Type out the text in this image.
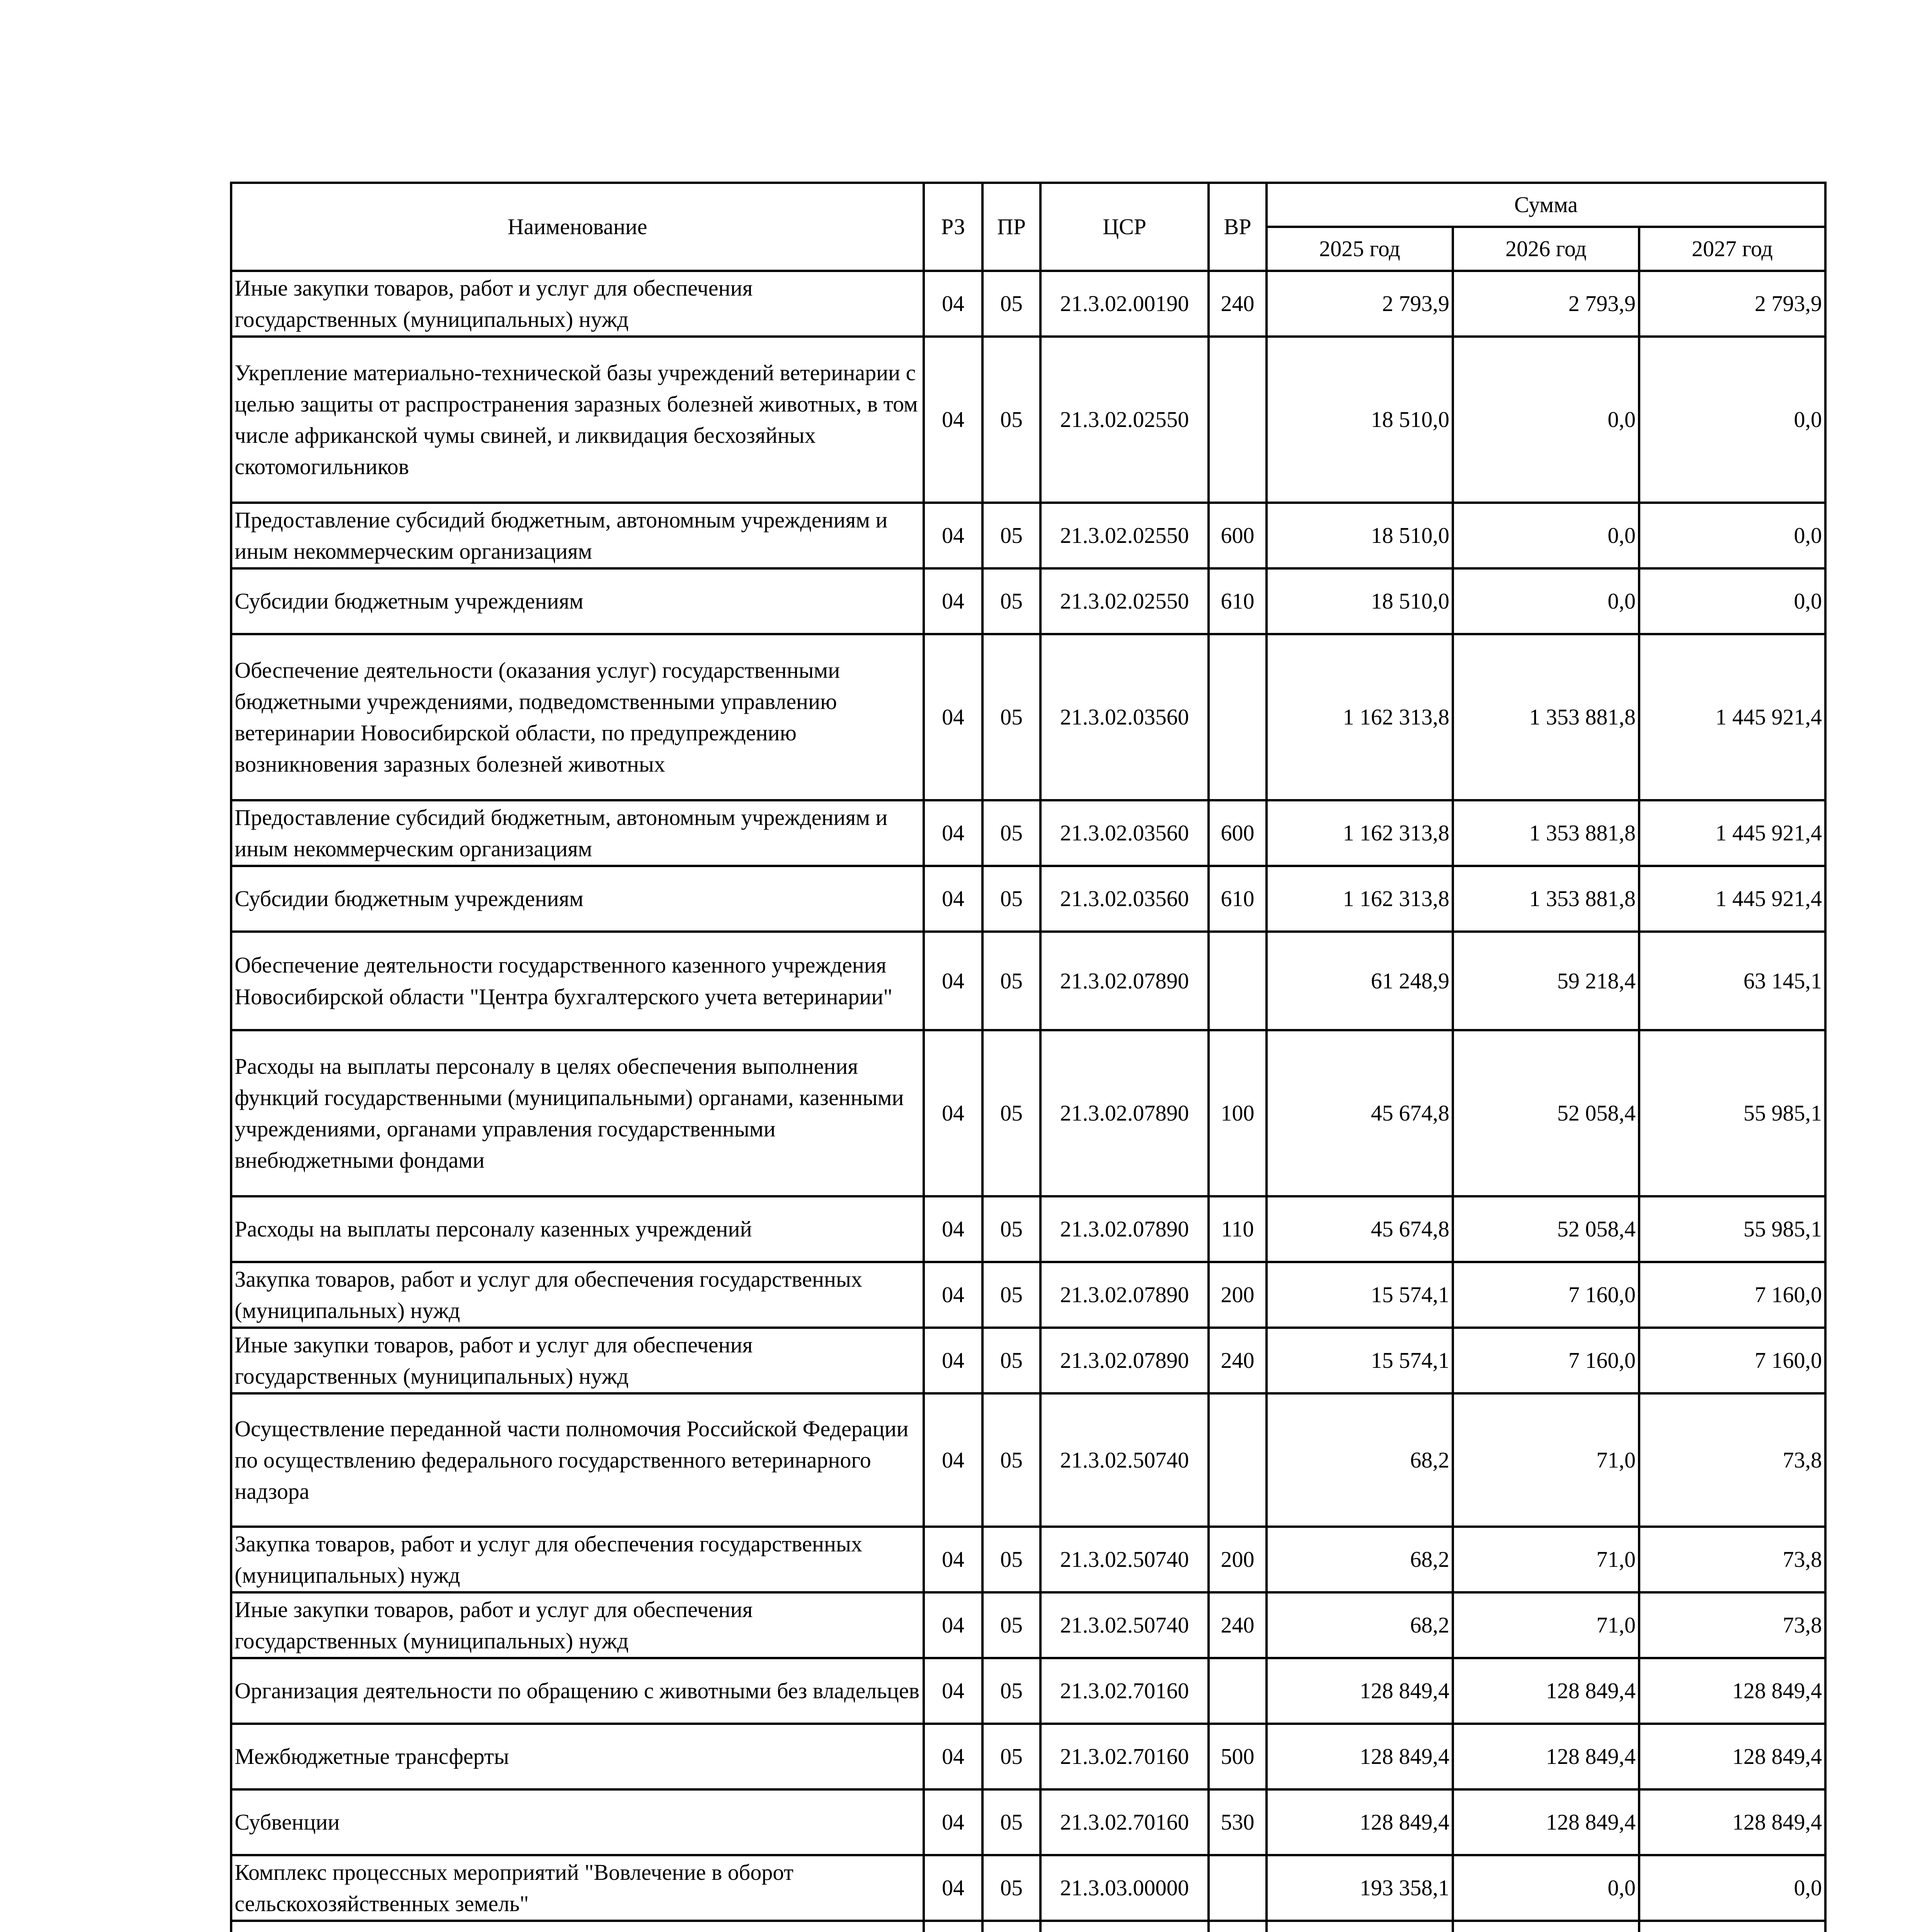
Наименование	РЗ	ПР	ЦСР	ВР	Сумма		
					2025 год	2026 год	2027 год
Иные закупки товаров, работ и услуг для обеспечения государственных (муниципальных) нужд	04	05	21.3.02.00190	240	2 793,9	2 793,9	2 793,9
Укрепление материально-технической базы учреждений ветеринарии с целью защиты от распространения заразных болезней животных, в том числе африканской чумы свиней, и ликвидация бесхозяйных скотомогильников	04	05	21.3.02.02550		18 510,0	0,0	0,0
Предоставление субсидий бюджетным, автономным учреждениям и иным некоммерческим организациям	04	05	21.3.02.02550	600	18 510,0	0,0	0,0
Субсидии бюджетным учреждениям	04	05	21.3.02.02550	610	18 510,0	0,0	0,0
Обеспечение деятельности (оказания услуг) государственными бюджетными учреждениями, подведомственными управлению ветеринарии Новосибирской области, по предупреждению возникновения заразных болезней животных	04	05	21.3.02.03560		1 162 313,8	1 353 881,8	1 445 921,4
Предоставление субсидий бюджетным, автономным учреждениям и иным некоммерческим организациям	04	05	21.3.02.03560	600	1 162 313,8	1 353 881,8	1 445 921,4
Субсидии бюджетным учреждениям	04	05	21.3.02.03560	610	1 162 313,8	1 353 881,8	1 445 921,4
Обеспечение деятельности государственного казенного учреждения Новосибирской области "Центра бухгалтерского учета ветеринарии"	04	05	21.3.02.07890		61 248,9	59 218,4	63 145,1
Расходы на выплаты персоналу в целях обеспечения выполнения функций государственными (муниципальными) органами, казенными учреждениями, органами управления государственными внебюджетными фондами	04	05	21.3.02.07890	100	45 674,8	52 058,4	55 985,1
Расходы на выплаты персоналу казенных учреждений	04	05	21.3.02.07890	110	45 674,8	52 058,4	55 985,1
Закупка товаров, работ и услуг для обеспечения государственных (муниципальных) нужд	04	05	21.3.02.07890	200	15 574,1	7 160,0	7 160,0
Иные закупки товаров, работ и услуг для обеспечения государственных (муниципальных) нужд	04	05	21.3.02.07890	240	15 574,1	7 160,0	7 160,0
Осуществление переданной части полномочия Российской Федерации по осуществлению федерального государственного ветеринарного надзора	04	05	21.3.02.50740		68,2	71,0	73,8
Закупка товаров, работ и услуг для обеспечения государственных (муниципальных) нужд	04	05	21.3.02.50740	200	68,2	71,0	73,8
Иные закупки товаров, работ и услуг для обеспечения государственных (муниципальных) нужд	04	05	21.3.02.50740	240	68,2	71,0	73,8
Организация деятельности по обращению с животными без владельцев	04	05	21.3.02.70160		128 849,4	128 849,4	128 849,4
Межбюджетные трансферты	04	05	21.3.02.70160	500	128 849,4	128 849,4	128 849,4
Субвенции	04	05	21.3.02.70160	530	128 849,4	128 849,4	128 849,4
Комплекс процессных мероприятий "Вовлечение в оборот сельскохозяйственных земель"	04	05	21.3.03.00000		193 358,1	0,0	0,0
